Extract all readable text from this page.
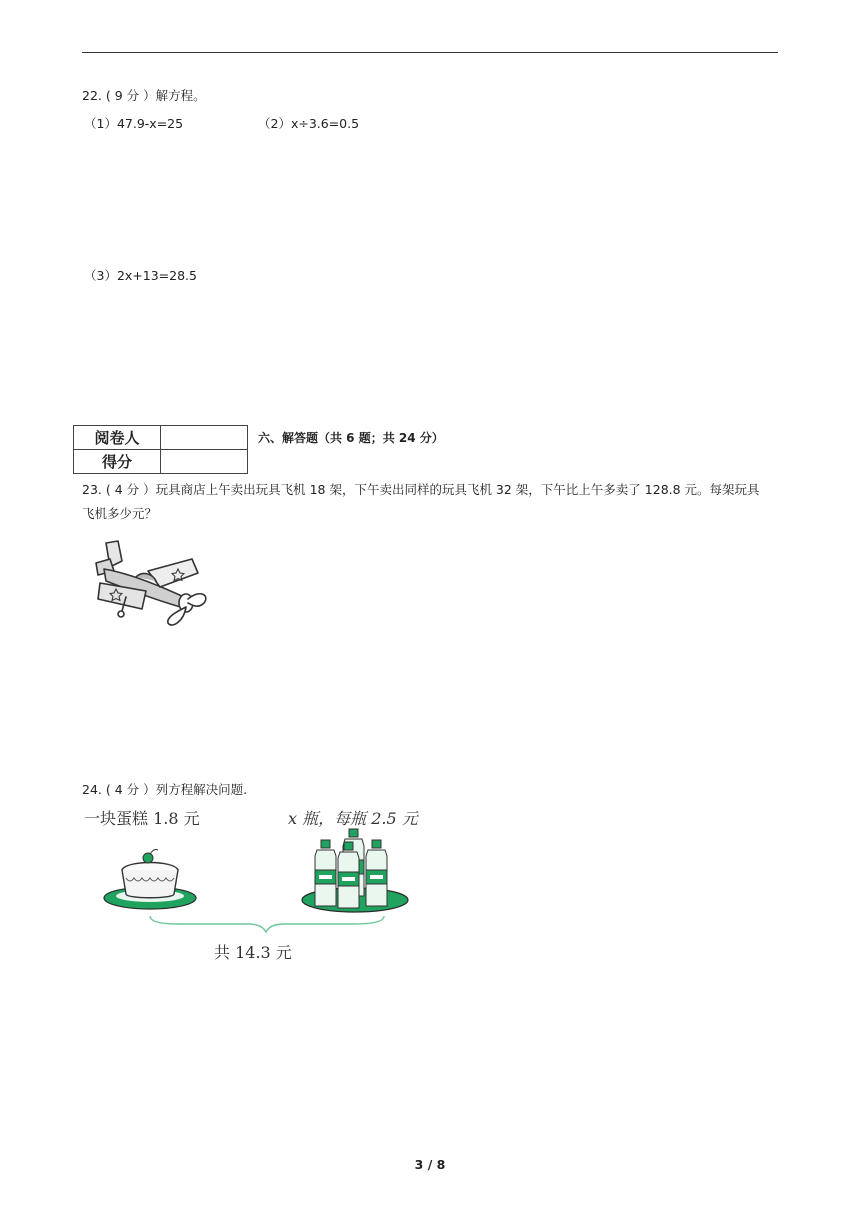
22. ( 9 分 ）解方程。
（1）47.9-x=25	（2）x÷3.6=0.5
（3）2x+13=28.5
阅卷人	
得分	
六、解答题（共 6 题；共 24 分）
23. ( 4 分 ）玩具商店上午卖出玩具飞机 18 架，下午卖出同样的玩具飞机 32 架，下午比上午多卖了 128.8 元。每架玩具飞机多少元？
24. ( 4 分 ）列方程解决问题.
一块蛋糕 1.8 元	x 瓶，每瓶 2.5 元
共 14.3 元
3 / 8
